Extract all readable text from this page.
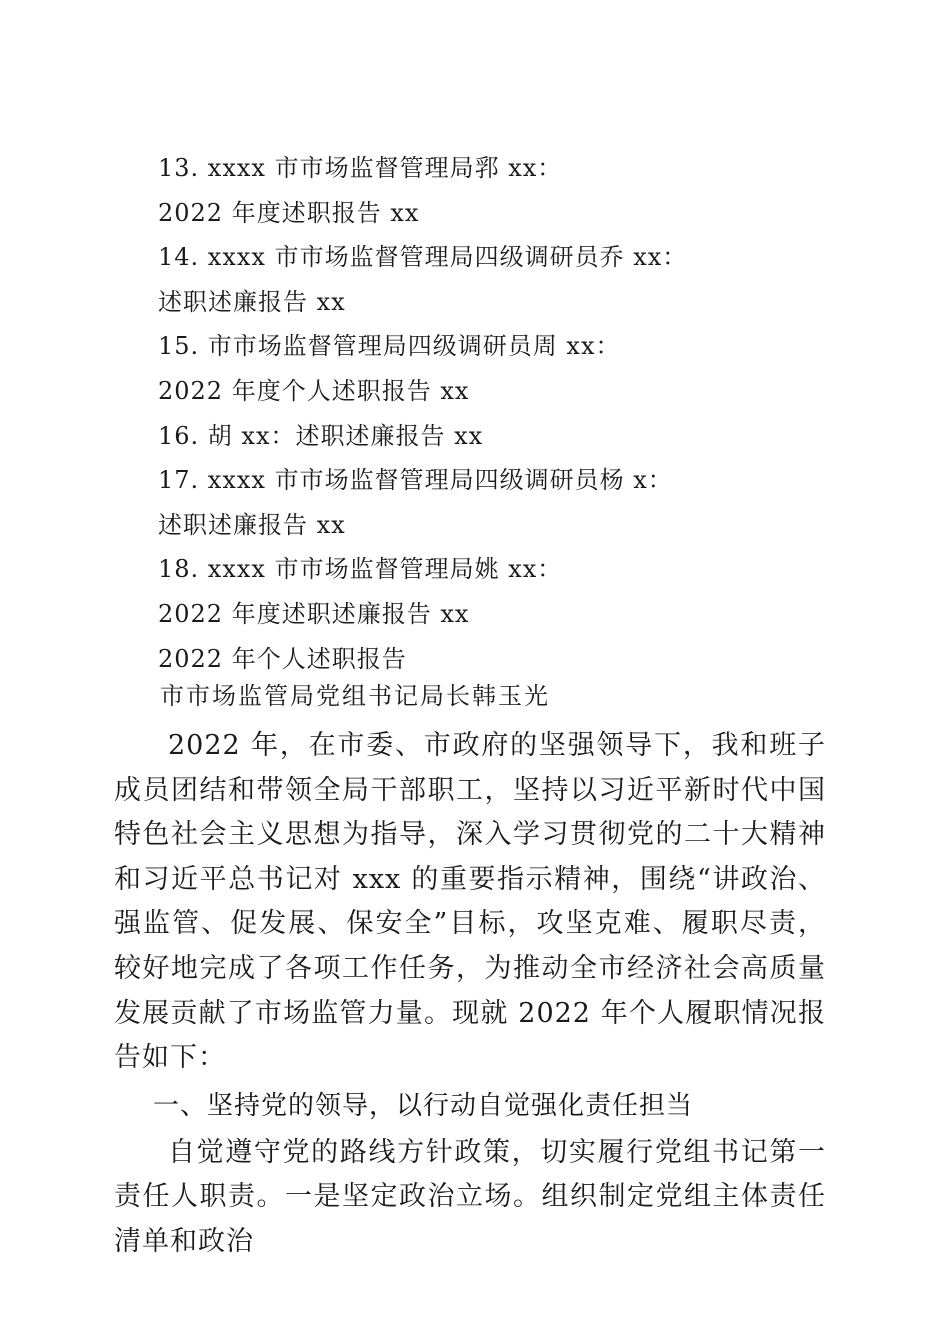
13. xxxx 市市场监督管理局郛 xx：
2022 年度述职报告 xx
14. xxxx 市市场监督管理局四级调研员乔 xx：
述职述廉报告 xx
15. 市市场监督管理局四级调研员周 xx：
2022 年度个人述职报告 xx
16. 胡 xx：述职述廉报告 xx
17. xxxx 市市场监督管理局四级调研员杨 x：
述职述廉报告 xx
18. xxxx 市市场监督管理局姚 xx：
2022 年度述职述廉报告 xx
2022 年个人述职报告
市市场监管局党组书记局长韩玉光

2022 年，在市委、市政府的坚强领导下，我和班子成员团结和带领全局干部职工，坚持以习近平新时代中国特色社会主义思想为指导，深入学习贯彻党的二十大精神和习近平总书记对 xxx 的重要指示精神，围绕“讲政治、强监管、促发展、保安全”目标，攻坚克难、履职尽责，较好地完成了各项工作任务，为推动全市经济社会高质量发展贡献了市场监管力量。现就 2022 年个人履职情况报告如下：

一、坚持党的领导，以行动自觉强化责任担当

自觉遵守党的路线方针政策，切实履行党组书记第一责任人职责。一是坚定政治立场。组织制定党组主体责任清单和政治
